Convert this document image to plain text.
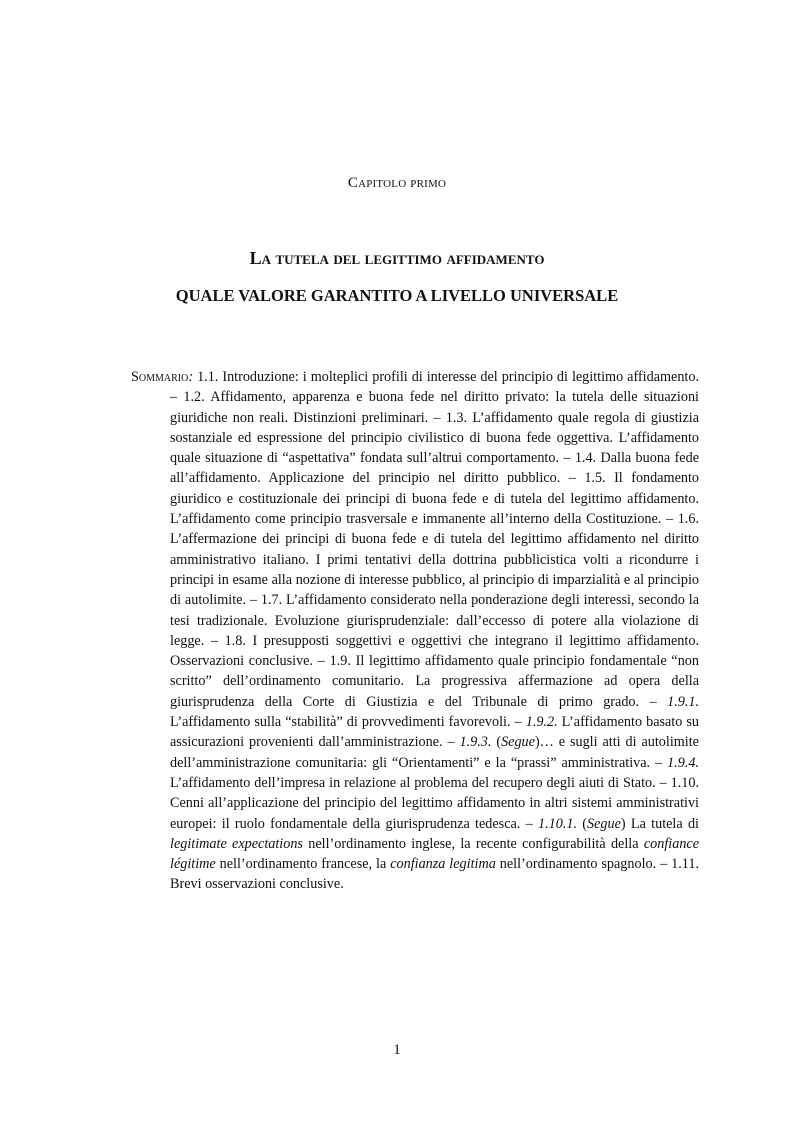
Capitolo primo
La tutela del legittimo affidamento
QUALE VALORE GARANTITO A LIVELLO UNIVERSALE
Sommario: 1.1. Introduzione: i molteplici profili di interesse del principio di legittimo affidamento. – 1.2. Affidamento, apparenza e buona fede nel diritto privato: la tutela delle situazioni giuridiche non reali. Distinzioni preliminari. – 1.3. L’affidamento quale regola di giustizia sostanziale ed espressione del principio civilistico di buona fede oggettiva. L’affidamento quale situazione di “aspettativa” fondata sull’altrui comportamento. – 1.4. Dalla buona fede all’affidamento. Applicazione del principio nel diritto pubblico. – 1.5. Il fondamento giuridico e costituzionale dei principi di buona fede e di tutela del legittimo affidamento. L’affidamento come principio trasversale e immanente all’interno della Costituzione. – 1.6. L’affermazione dei principi di buona fede e di tutela del legittimo affidamento nel diritto amministrativo italiano. I primi tentativi della dottrina pubblicistica volti a ricondurre i principi in esame alla nozione di interesse pubblico, al principio di imparzialità e al principio di autolimite. – 1.7. L’affidamento considerato nella ponderazione degli interessi, secondo la tesi tradizionale. Evoluzione giurisprudenziale: dall’eccesso di potere alla violazione di legge. – 1.8. I presupposti soggettivi e oggettivi che integrano il legittimo affidamento. Osservazioni conclusive. – 1.9. Il legittimo affidamento quale principio fondamentale “non scritto” dell’ordinamento comunitario. La progressiva affermazione ad opera della giurisprudenza della Corte di Giustizia e del Tribunale di primo grado. – 1.9.1. L’affidamento sulla “stabilità” di provvedimenti favorevoli. – 1.9.2. L’affidamento basato su assicurazioni provenienti dall’amministrazione. – 1.9.3. (Segue)… e sugli atti di autolimite dell’amministrazione comunitaria: gli “Orientamenti” e la “prassi” amministrativa. – 1.9.4. L’affidamento dell’impresa in relazione al problema del recupero degli aiuti di Stato. – 1.10. Cenni all’applicazione del principio del legittimo affidamento in altri sistemi amministrativi europei: il ruolo fondamentale della giurisprudenza tedesca. – 1.10.1. (Segue) La tutela di legitimate expectations nell’ordinamento inglese, la recente configurabilità della confiance légitime nell’ordinamento francese, la confianza legitima nell’ordinamento spagnolo. – 1.11. Brevi osservazioni conclusive.
1
